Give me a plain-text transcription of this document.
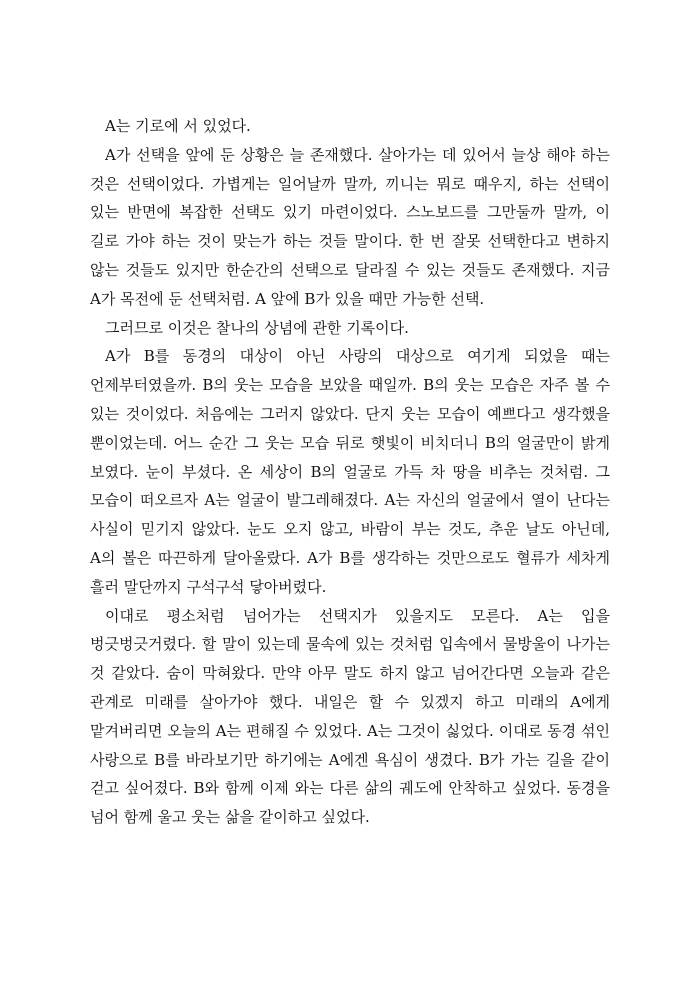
A는 기로에 서 있었다.

A가 선택을 앞에 둔 상황은 늘 존재했다. 살아가는 데 있어서 늘상 해야 하는 것은 선택이었다. 가볍게는 일어날까 말까, 끼니는 뭐로 때우지, 하는 선택이 있는 반면에 복잡한 선택도 있기 마련이었다. 스노보드를 그만둘까 말까, 이 길로 가야 하는 것이 맞는가 하는 것들 말이다. 한 번 잘못 선택한다고 변하지 않는 것들도 있지만 한순간의 선택으로 달라질 수 있는 것들도 존재했다. 지금 A가 목전에 둔 선택처럼. A 앞에 B가 있을 때만 가능한 선택.

그러므로 이것은 찰나의 상념에 관한 기록이다.

A가 B를 동경의 대상이 아닌 사랑의 대상으로 여기게 되었을 때는 언제부터였을까. B의 웃는 모습을 보았을 때일까. B의 웃는 모습은 자주 볼 수 있는 것이었다. 처음에는 그러지 않았다. 단지 웃는 모습이 예쁘다고 생각했을 뿐이었는데. 어느 순간 그 웃는 모습 뒤로 햇빛이 비치더니 B의 얼굴만이 밝게 보였다. 눈이 부셨다. 온 세상이 B의 얼굴로 가득 차 땅을 비추는 것처럼. 그 모습이 떠오르자 A는 얼굴이 발그레해졌다. A는 자신의 얼굴에서 열이 난다는 사실이 믿기지 않았다. 눈도 오지 않고, 바람이 부는 것도, 추운 날도 아닌데, A의 볼은 따끈하게 달아올랐다. A가 B를 생각하는 것만으로도 혈류가 세차게 흘러 말단까지 구석구석 닿아버렸다.

이대로 평소처럼 넘어가는 선택지가 있을지도 모른다. A는 입을 벙긋벙긋거렸다. 할 말이 있는데 물속에 있는 것처럼 입속에서 물방울이 나가는 것 같았다. 숨이 막혀왔다. 만약 아무 말도 하지 않고 넘어간다면 오늘과 같은 관계로 미래를 살아가야 했다. 내일은 할 수 있겠지 하고 미래의 A에게 맡겨버리면 오늘의 A는 편해질 수 있었다. A는 그것이 싫었다. 이대로 동경 섞인 사랑으로 B를 바라보기만 하기에는 A에겐 욕심이 생겼다. B가 가는 길을 같이 걷고 싶어졌다. B와 함께 이제 와는 다른 삶의 궤도에 안착하고 싶었다. 동경을 넘어 함께 울고 웃는 삶을 같이하고 싶었다.
